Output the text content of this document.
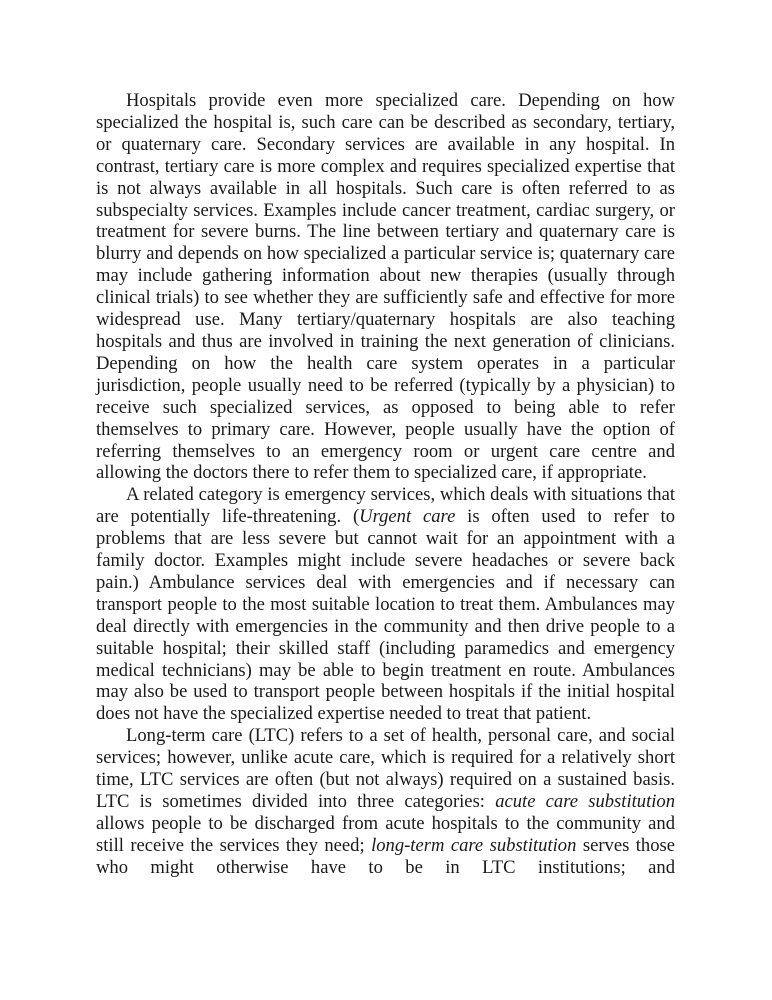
Hospitals provide even more specialized care. Depending on how specialized the hospital is, such care can be described as secondary, tertiary, or quaternary care. Secondary services are available in any hospital. In contrast, tertiary care is more complex and requires specialized expertise that is not always available in all hospitals. Such care is often referred to as subspecialty services. Examples include cancer treatment, cardiac surgery, or treatment for severe burns. The line between tertiary and quaternary care is blurry and depends on how specialized a particular service is; quaternary care may include gathering information about new therapies (usually through clinical trials) to see whether they are sufficiently safe and effective for more widespread use. Many tertiary/quaternary hospitals are also teaching hospitals and thus are involved in training the next generation of clinicians. Depending on how the health care system operates in a particular jurisdiction, people usually need to be referred (typically by a physician) to receive such specialized services, as opposed to being able to refer themselves to primary care. However, people usually have the option of referring themselves to an emergency room or urgent care centre and allowing the doctors there to refer them to specialized care, if appropriate.

A related category is emergency services, which deals with situations that are potentially life-threatening. (Urgent care is often used to refer to problems that are less severe but cannot wait for an appointment with a family doctor. Examples might include severe headaches or severe back pain.) Ambulance services deal with emergencies and if necessary can transport people to the most suitable location to treat them. Ambulances may deal directly with emergencies in the community and then drive people to a suitable hospital; their skilled staff (including paramedics and emergency medical technicians) may be able to begin treatment en route. Ambulances may also be used to transport people between hospitals if the initial hospital does not have the specialized expertise needed to treat that patient.

Long-term care (LTC) refers to a set of health, personal care, and social services; however, unlike acute care, which is required for a relatively short time, LTC services are often (but not always) required on a sustained basis. LTC is sometimes divided into three categories: acute care substitution allows people to be discharged from acute hospitals to the community and still receive the services they need; long-term care substitution serves those who might otherwise have to be in LTC institutions; and
